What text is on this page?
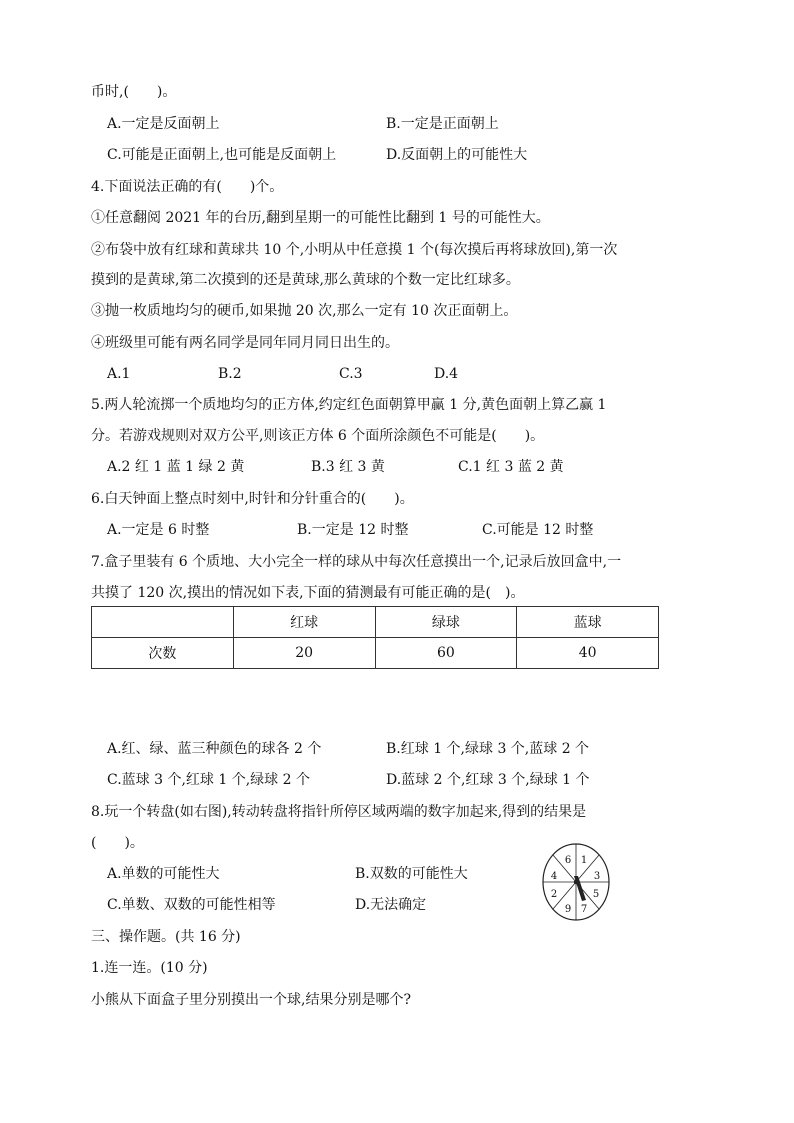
币时,(　　)。
A.一定是反面朝上	B.一定是正面朝上
C.可能是正面朝上,也可能是反面朝上	D.反面朝上的可能性大
4.下面说法正确的有(　　)个。
①任意翻阅 2021 年的台历,翻到星期一的可能性比翻到 1 号的可能性大。
②布袋中放有红球和黄球共 10 个,小明从中任意摸 1 个(每次摸后再将球放回),第一次
摸到的是黄球,第二次摸到的还是黄球,那么黄球的个数一定比红球多。
③抛一枚质地均匀的硬币,如果抛 20 次,那么一定有 10 次正面朝上。
④班级里可能有两名同学是同年同月同日出生的。
A.1	B.2	C.3	D.4
5.两人轮流掷一个质地均匀的正方体,约定红色面朝算甲赢 1 分,黄色面朝上算乙赢 1
分。若游戏规则对双方公平,则该正方体 6 个面所涂颜色不可能是(　　)。
A.2 红 1 蓝 1 绿 2 黄	B.3 红 3 黄	C.1 红 3 蓝 2 黄
6.白天钟面上整点时刻中,时针和分针重合的(　　)。
A.一定是 6 时整	B.一定是 12 时整	C.可能是 12 时整
7.盒子里装有 6 个质地、大小完全一样的球从中每次任意摸出一个,记录后放回盒中,一
共摸了 120 次,摸出的情况如下表,下面的猜测最有可能正确的是(　)。
	红球	绿球	蓝球
次数	20	60	40
A.红、绿、蓝三种颜色的球各 2 个	B.红球 1 个,绿球 3 个,蓝球 2 个
C.蓝球 3 个,红球 1 个,绿球 2 个	D.蓝球 2 个,红球 3 个,绿球 1 个
8.玩一个转盘(如右图),转动转盘将指针所停区域两端的数字加起来,得到的结果是
(　　)。
A.单数的可能性大	B.双数的可能性大
C.单数、双数的可能性相等	D.无法确定
6 1
3
5
7
9
2
4
三、操作题。(共 16 分)
1.连一连。(10 分)
小熊从下面盒子里分别摸出一个球,结果分别是哪个?
